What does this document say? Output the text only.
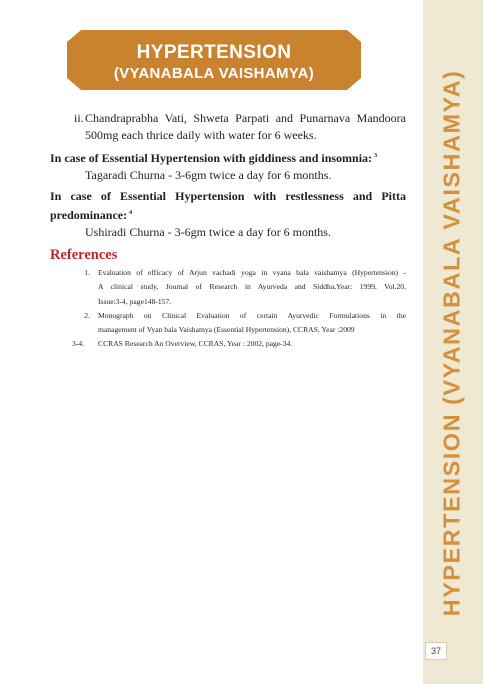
HYPERTENSION
(VYANABALA VAISHAMYA)
ii. Chandraprabha Vati, Shweta Parpati and Punarnava Mandoora
500mg each thrice daily with water for 6 weeks.
In case of Essential Hypertension with giddiness and insomnia: $^3$
Tagaradi Churna - 3-6gm twice a day for 6 months.
In case of Essential Hypertension with restlessness and Pitta
predominance: $^4$
Ushiradi Churna - 3-6gm twice a day for 6 months.
References
1. Evaluation of efficacy of Arjun vachadi yoga in vyana bala vaishamya (Hypertension) -
A clinical study, Journal of Research in Ayurveda and Siddha,Year: 1999, Vol.20,
Issue:3-4, page148-157.
2. Monograph on Clinical Evaluation of certain Ayurvedic Formulations in the
management of Vyan bala Vaishamya (Essential Hypertension), CCRAS, Year :2009
3-4.	CCRAS Research An Overview, CCRAS, Year : 2002, page-34.	HYPERTENSION (VYANABALA VAISHAMYA)
37
